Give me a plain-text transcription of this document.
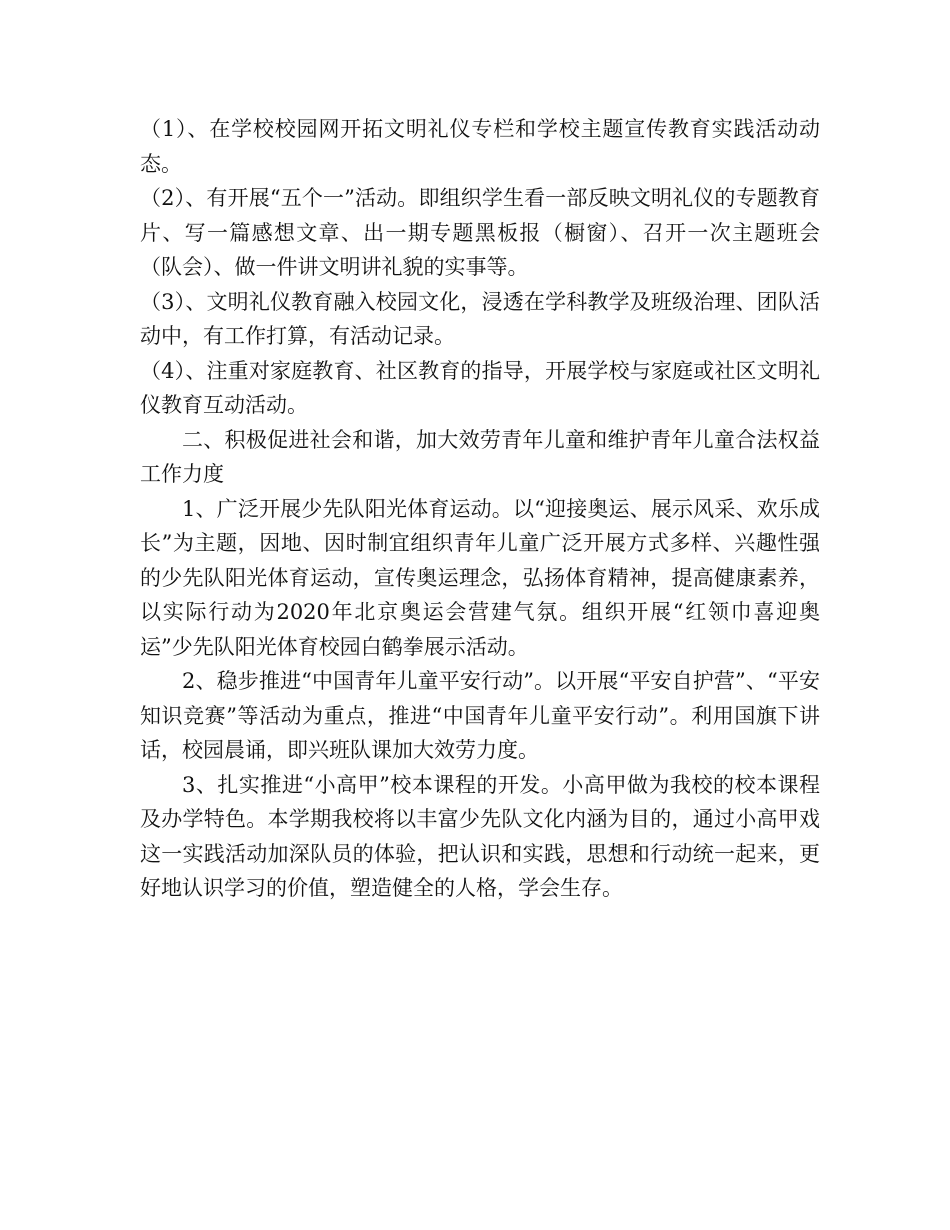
（1）、在学校校园网开拓文明礼仪专栏和学校主题宣传教育实践活动动态。

（2）、有开展“五个一”活动。即组织学生看一部反映文明礼仪的专题教育片、写一篇感想文章、出一期专题黑板报（橱窗）、召开一次主题班会（队会）、做一件讲文明讲礼貌的实事等。

（3）、文明礼仪教育融入校园文化，浸透在学科教学及班级治理、团队活动中，有工作打算，有活动记录。

（4）、注重对家庭教育、社区教育的指导，开展学校与家庭或社区文明礼仪教育互动活动。

二、积极促进社会和谐，加大效劳青年儿童和维护青年儿童合法权益工作力度

1、广泛开展少先队阳光体育运动。以“迎接奥运、展示风采、欢乐成长”为主题，因地、因时制宜组织青年儿童广泛开展方式多样、兴趣性强的少先队阳光体育运动，宣传奥运理念，弘扬体育精神，提高健康素养，以实际行动为2020年北京奥运会营建气氛。组织开展“红领巾喜迎奥运”少先队阳光体育校园白鹤拳展示活动。

2、稳步推进“中国青年儿童平安行动”。以开展“平安自护营”、“平安知识竞赛”等活动为重点，推进“中国青年儿童平安行动”。利用国旗下讲话，校园晨诵，即兴班队课加大效劳力度。

3、扎实推进“小高甲”校本课程的开发。小高甲做为我校的校本课程及办学特色。本学期我校将以丰富少先队文化内涵为目的，通过小高甲戏这一实践活动加深队员的体验，把认识和实践，思想和行动统一起来，更好地认识学习的价值，塑造健全的人格，学会生存。
